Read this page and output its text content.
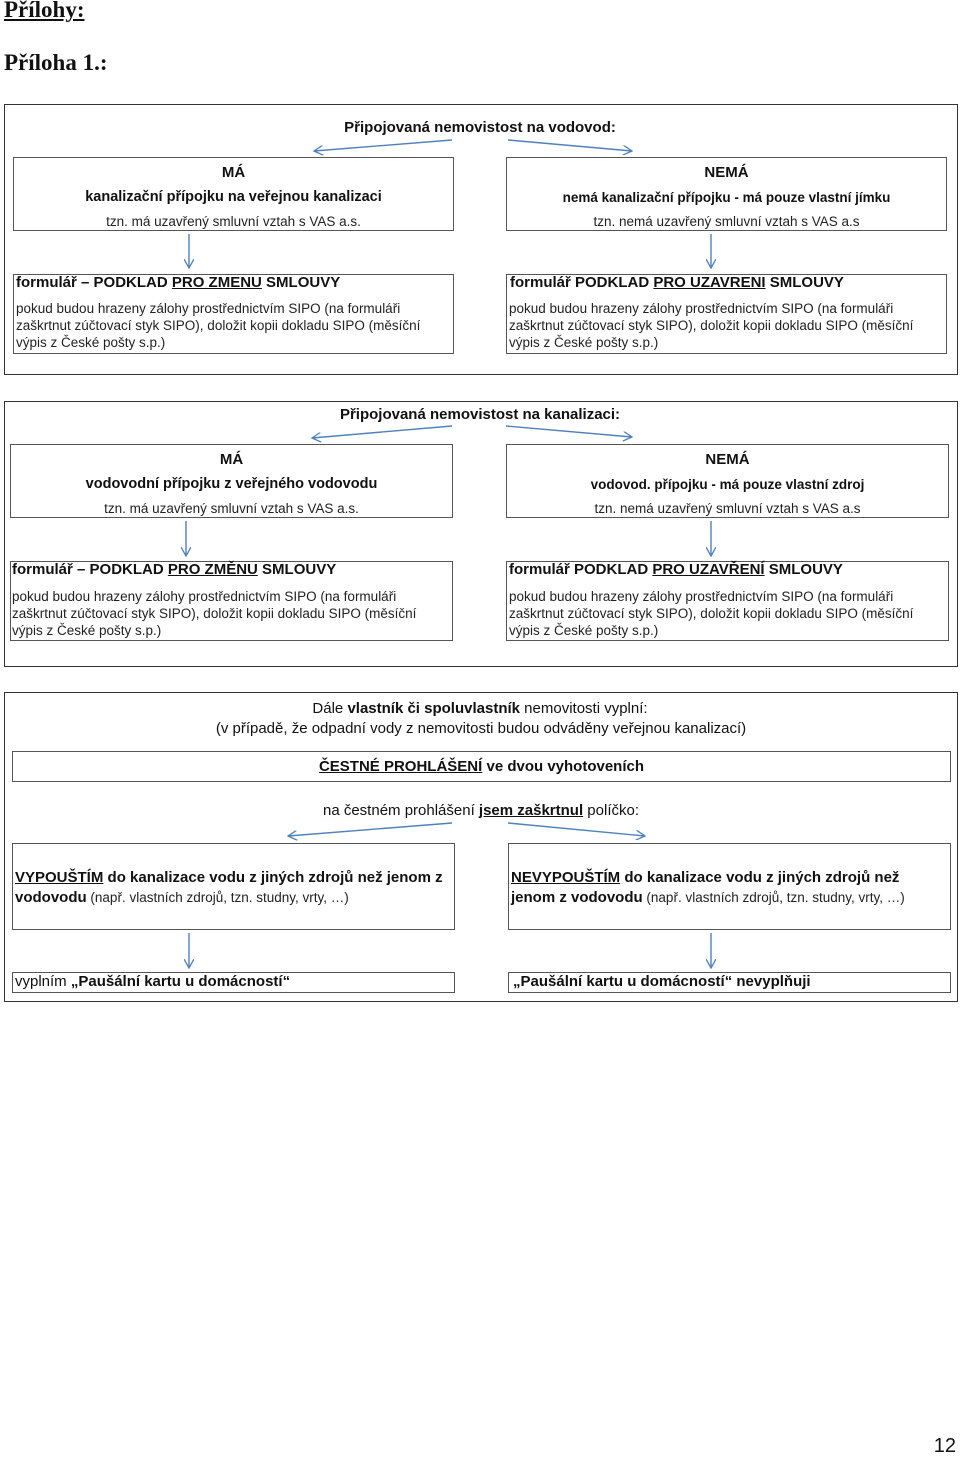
Přílohy:
Příloha 1.:
Připojovaná nemovistost na vodovod:
MÁ
kanalizační přípojku na veřejnou kanalizaci
tzn. má uzavřený smluvní vztah s VAS a.s.
NEMÁ
nemá kanalizační přípojku - má pouze vlastní jímku
tzn. nemá uzavřený smluvní vztah s VAS a.s
formulář – PODKLAD PRO ZMENU SMLOUVY
pokud budou hrazeny zálohy prostřednictvím SIPO (na formuláři
zaškrtnut zúčtovací styk SIPO), doložit kopii dokladu SIPO (měsíční
výpis z České pošty s.p.)
formulář PODKLAD PRO UZAVRENI SMLOUVY
pokud budou hrazeny zálohy prostřednictvím SIPO (na formuláři
zaškrtnut zúčtovací styk SIPO), doložit kopii dokladu SIPO (měsíční
výpis z České pošty s.p.)
Připojovaná nemovistost na kanalizaci:
MÁ
vodovodní přípojku z veřejného vodovodu
tzn. má uzavřený smluvní vztah s VAS a.s.
NEMÁ
vodovod. přípojku - má pouze vlastní zdroj
tzn. nemá uzavřený smluvní vztah s VAS a.s
formulář – PODKLAD PRO ZMĚNU SMLOUVY
pokud budou hrazeny zálohy prostřednictvím SIPO (na formuláři
zaškrtnut zúčtovací styk SIPO), doložit kopii dokladu SIPO (měsíční
výpis z České pošty s.p.)
formulář PODKLAD PRO UZAVŘENÍ SMLOUVY
pokud budou hrazeny zálohy prostřednictvím SIPO (na formuláři
zaškrtnut zúčtovací styk SIPO), doložit kopii dokladu SIPO (měsíční
výpis z České pošty s.p.)
Dále vlastník či spoluvlastník nemovitosti vyplní:
(v případě, že odpadní vody z nemovitosti budou odváděny veřejnou kanalizací)
ČESTNÉ PROHLÁŠENÍ ve dvou vyhotoveních
na čestném prohlášení jsem zaškrtnul políčko:
VYPOUŠTÍM do kanalizace vodu z jiných zdrojů než jenom z
vodovodu (např. vlastních zdrojů, tzn. studny, vrty, …)
NEVYPOUŠTÍM do kanalizace vodu z jiných zdrojů než
jenom z vodovodu (např. vlastních zdrojů, tzn. studny, vrty, …)
vyplním „Paušální kartu u domácností“	„Paušální kartu u domácností“ nevyplňuji
12
